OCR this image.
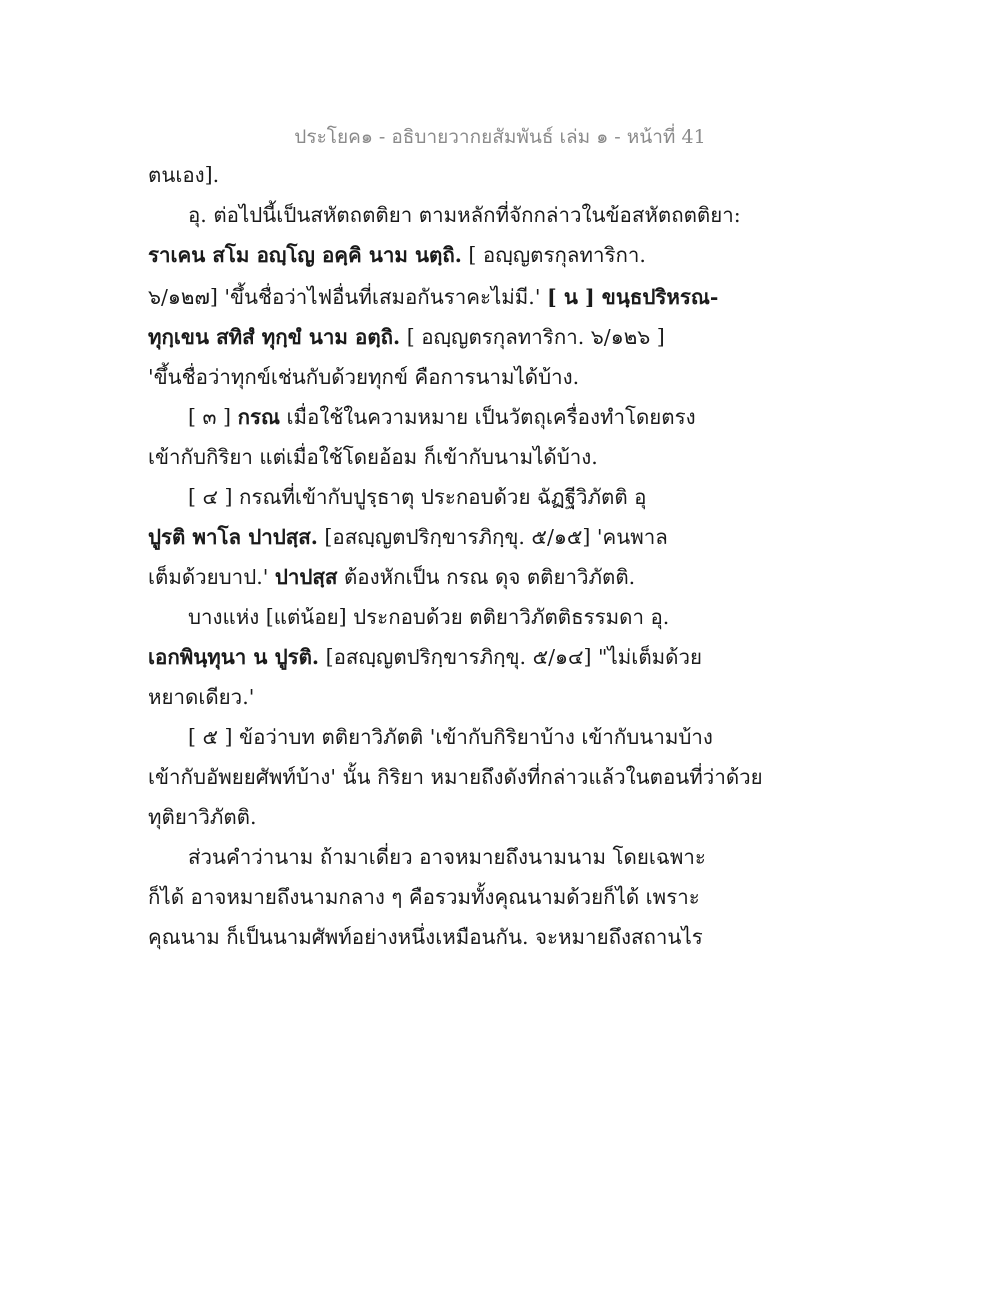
ประโยค๑ - อธิบายวากยสัมพันธ์ เล่ม ๑ - หน้าที่ 41
ตนเอง].
อุ. ต่อไปนี้เป็นสหัตถตติยา ตามหลักที่จักกล่าวในข้อสหัตถตติยา:
ราเคน สโม อญฺโญ อคฺคิ นาม นตฺถิ. [ อญฺญตรกุลทาริกา.
๖/๑๒๗] 'ขึ้นชื่อว่าไฟอื่นที่เสมอกันราคะไม่มี.' [ น ] ขนฺธปริหรณ-
ทุกฺเขน สทิสํ ทุกฺขํ นาม อตฺถิ. [ อญฺญตรกุลทาริกา. ๖/๑๒๖ ]
'ขึ้นชื่อว่าทุกข์เช่นกับด้วยทุกข์ คือการนามได้บ้าง.
[ ๓ ] กรณ เมื่อใช้ในความหมาย เป็นวัตถุเครื่องทำโดยตรง
เข้ากับกิริยา แต่เมื่อใช้โดยอ้อม ก็เข้ากับนามได้บ้าง.
[ ๔ ] กรณที่เข้ากับปูรฺธาตุ ประกอบด้วย ฉัฏฐีวิภัตติ อุ
ปูรติ พาโล ปาปสฺส. [อสญฺญตปริกฺขารภิกฺขุ. ๕/๑๕] 'คนพาล
เต็มด้วยบาป.' ปาปสฺส ต้องหักเป็น กรณ ดุจ ตติยาวิภัตติ.
บางแห่ง [แต่น้อย] ประกอบด้วย ตติยาวิภัตติธรรมดา อุ.
เอกพินฺทุนา น ปูรติ. [อสญฺญตปริกฺขารภิกฺขุ. ๕/๑๔] "ไม่เต็มด้วย
หยาดเดียว.'
[ ๕ ] ข้อว่าบท ตติยาวิภัตติ 'เข้ากับกิริยาบ้าง เข้ากับนามบ้าง
เข้ากับอัพยยศัพท์บ้าง' นั้น กิริยา หมายถึงดังที่กล่าวแล้วในตอนที่ว่าด้วย
ทุติยาวิภัตติ.
ส่วนคำว่านาม ถ้ามาเดี่ยว อาจหมายถึงนามนาม โดยเฉพาะ
ก็ได้ อาจหมายถึงนามกลาง ๆ คือรวมทั้งคุณนามด้วยก็ได้ เพราะ
คุณนาม ก็เป็นนามศัพท์อย่างหนึ่งเหมือนกัน. จะหมายถึงสถานไร
